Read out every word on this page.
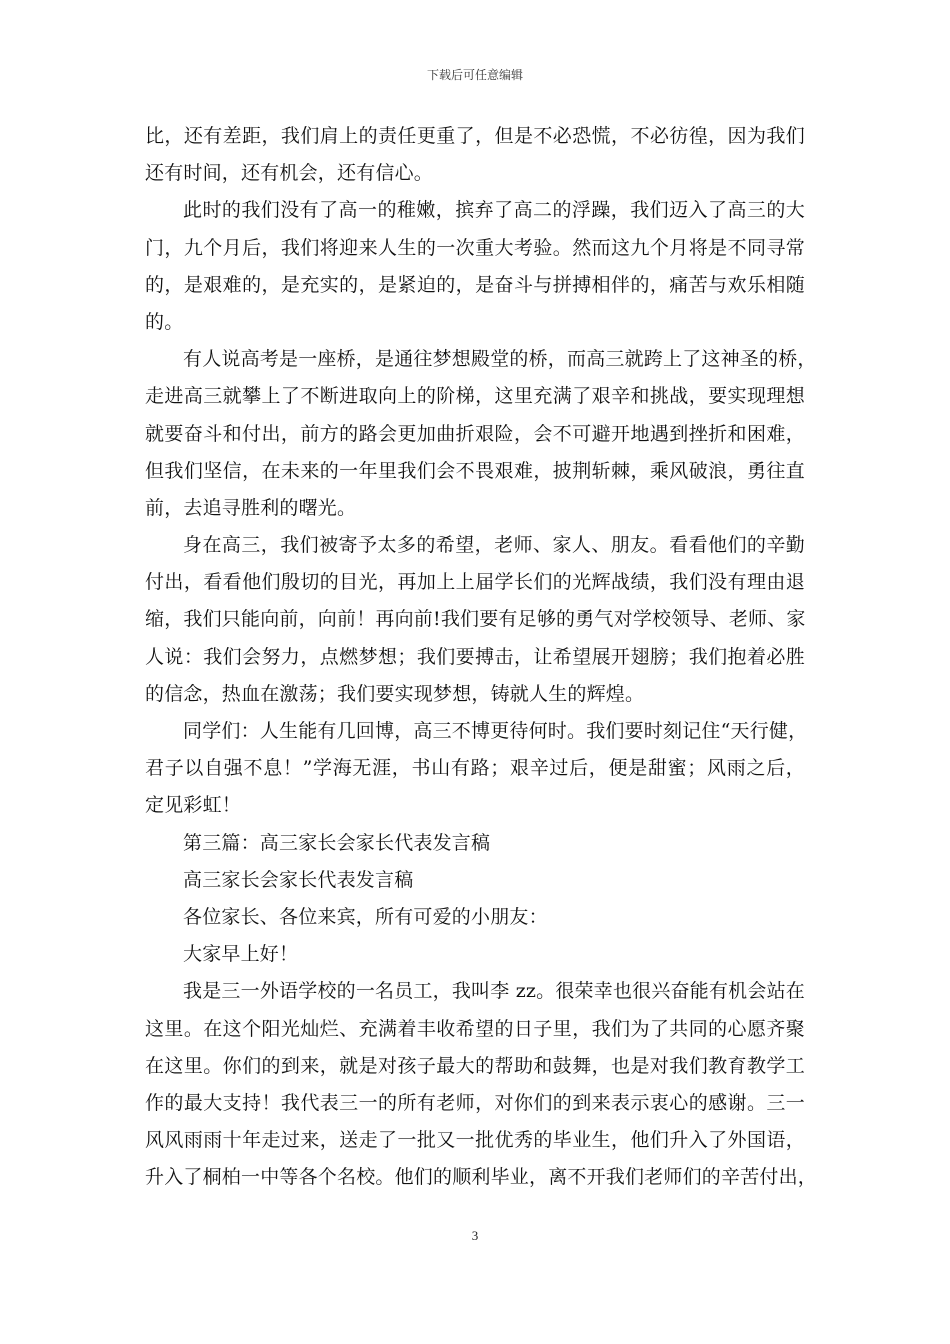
下载后可任意编辑
比，还有差距，我们肩上的责任更重了，但是不必恐慌，不必彷徨，因为我们
还有时间，还有机会，还有信心。
此时的我们没有了高一的稚嫩，摈弃了高二的浮躁，我们迈入了高三的大
门，九个月后，我们将迎来人生的一次重大考验。然而这九个月将是不同寻常
的，是艰难的，是充实的，是紧迫的，是奋斗与拼搏相伴的，痛苦与欢乐相随
的。
有人说高考是一座桥，是通往梦想殿堂的桥，而高三就跨上了这神圣的桥，
走进高三就攀上了不断进取向上的阶梯，这里充满了艰辛和挑战，要实现理想
就要奋斗和付出，前方的路会更加曲折艰险，会不可避开地遇到挫折和困难，
但我们坚信，在未来的一年里我们会不畏艰难，披荆斩棘，乘风破浪，勇往直
前，去追寻胜利的曙光。
身在高三，我们被寄予太多的希望，老师、家人、朋友。看看他们的辛勤
付出，看看他们殷切的目光，再加上上届学长们的光辉战绩，我们没有理由退
缩，我们只能向前，向前！再向前!我们要有足够的勇气对学校领导、老师、家
人说：我们会努力，点燃梦想；我们要搏击，让希望展开翅膀；我们抱着必胜
的信念，热血在激荡；我们要实现梦想，铸就人生的辉煌。
同学们：人生能有几回博，高三不博更待何时。我们要时刻记住“天行健，
君子以自强不息！”学海无涯，书山有路；艰辛过后，便是甜蜜；风雨之后，
定见彩虹！
第三篇：高三家长会家长代表发言稿
高三家长会家长代表发言稿
各位家长、各位来宾，所有可爱的小朋友：
大家早上好！
我是三一外语学校的一名员工，我叫李 zz。很荣幸也很兴奋能有机会站在
这里。在这个阳光灿烂、充满着丰收希望的日子里，我们为了共同的心愿齐聚
在这里。你们的到来，就是对孩子最大的帮助和鼓舞，也是对我们教育教学工
作的最大支持！我代表三一的所有老师，对你们的到来表示衷心的感谢。三一
风风雨雨十年走过来，送走了一批又一批优秀的毕业生，他们升入了外国语，
升入了桐柏一中等各个名校。他们的顺利毕业，离不开我们老师们的辛苦付出，
3
